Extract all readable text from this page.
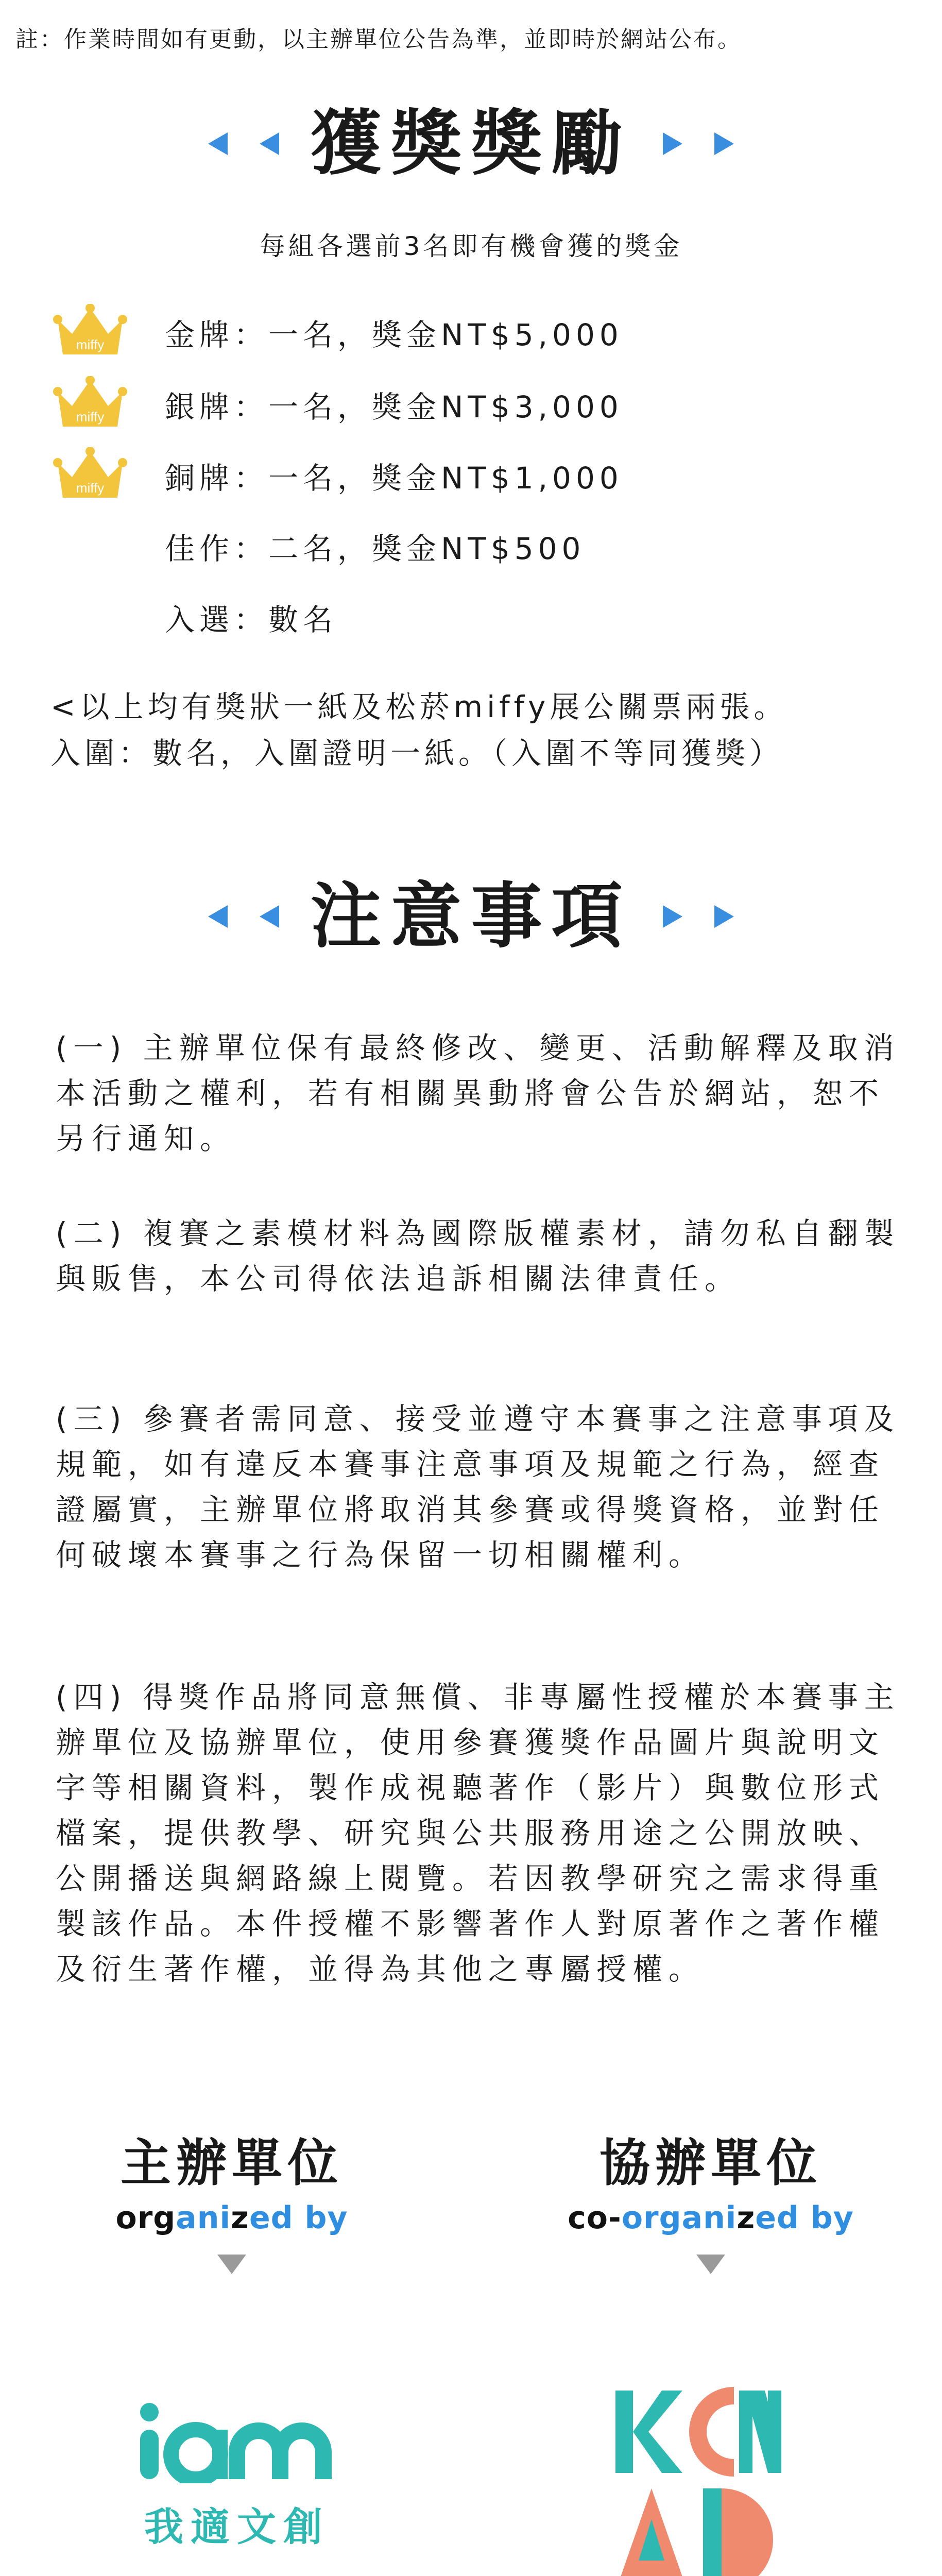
註：作業時間如有更動，以主辦單位公告為準，並即時於網站公布。
獲獎獎勵
每組各選前3名即有機會獲的獎金
miffy 金牌：一名，獎金NT$5,000
miffy 銀牌：一名，獎金NT$3,000
miffy 銅牌：一名，獎金NT$1,000
佳作：二名，獎金NT$500
入選：數名
<以上均有獎狀一紙及松菸miffy展公關票兩張。
入圍：數名，入圍證明一紙。（入圍不等同獲獎）
注意事項

(一) 主辦單位保有最終修改、變更、活動解釋及取消本活動之權利，若有相關異動將會公告於網站，恕不另行通知。

(二) 複賽之素模材料為國際版權素材，請勿私自翻製與販售，本公司得依法追訴相關法律責任。

(三) 參賽者需同意、接受並遵守本賽事之注意事項及規範，如有違反本賽事注意事項及規範之行為，經查證屬實，主辦單位將取消其參賽或得獎資格，並對任何破壞本賽事之行為保留一切相關權利。

(四) 得獎作品將同意無償、非專屬性授權於本賽事主辦單位及協辦單位，使用參賽獲獎作品圖片與說明文字等相關資料，製作成視聽著作（影片）與數位形式檔案，提供教學、研究與公共服務用途之公開放映、公開播送與網路線上閱覽。若因教學研究之需求得重製該作品。本件授權不影響著作人對原著作之著作權及衍生著作權，並得為其他之專屬授權。

主辦單位
organized by
協辦單位
co-organized by
我適文創
